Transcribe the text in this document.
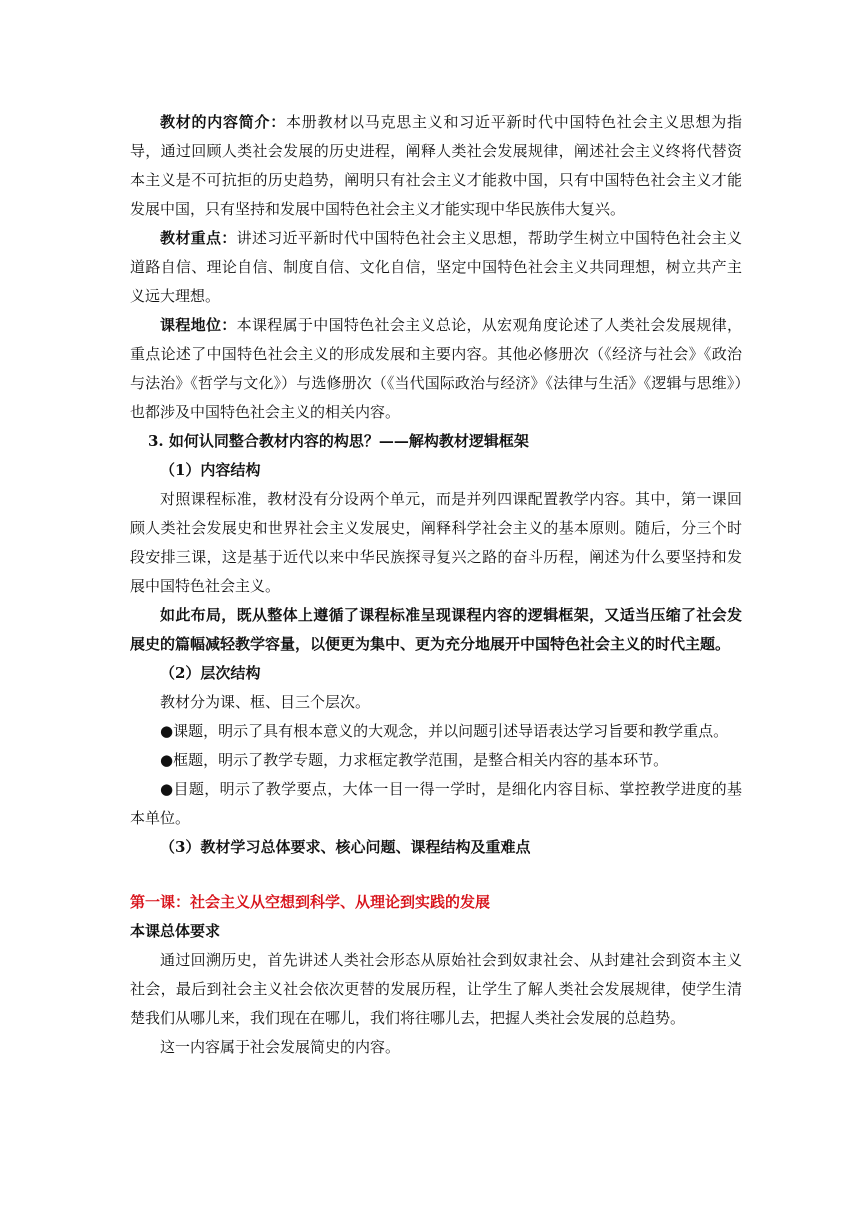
教材的内容简介：本册教材以马克思主义和习近平新时代中国特色社会主义思想为指导，通过回顾人类社会发展的历史进程，阐释人类社会发展规律，阐述社会主义终将代替资本主义是不可抗拒的历史趋势，阐明只有社会主义才能救中国，只有中国特色社会主义才能发展中国，只有坚持和发展中国特色社会主义才能实现中华民族伟大复兴。

教材重点：讲述习近平新时代中国特色社会主义思想，帮助学生树立中国特色社会主义道路自信、理论自信、制度自信、文化自信，坚定中国特色社会主义共同理想，树立共产主义远大理想。

课程地位：本课程属于中国特色社会主义总论，从宏观角度论述了人类社会发展规律，重点论述了中国特色社会主义的形成发展和主要内容。其他必修册次（《经济与社会》《政治与法治》《哲学与文化》）与选修册次（《当代国际政治与经济》《法律与生活》《逻辑与思维》）也都涉及中国特色社会主义的相关内容。

3. 如何认同整合教材内容的构思？——解构教材逻辑框架

（1）内容结构

对照课程标准，教材没有分设两个单元，而是并列四课配置教学内容。其中，第一课回顾人类社会发展史和世界社会主义发展史，阐释科学社会主义的基本原则。随后，分三个时段安排三课，这是基于近代以来中华民族探寻复兴之路的奋斗历程，阐述为什么要坚持和发展中国特色社会主义。

如此布局，既从整体上遵循了课程标准呈现课程内容的逻辑框架，又适当压缩了社会发展史的篇幅减轻教学容量，以便更为集中、更为充分地展开中国特色社会主义的时代主题。

（2）层次结构

教材分为课、框、目三个层次。

●课题，明示了具有根本意义的大观念，并以问题引述导语表达学习旨要和教学重点。

●框题，明示了教学专题，力求框定教学范围，是整合相关内容的基本环节。

●目题，明示了教学要点，大体一目一得一学时，是细化内容目标、掌控教学进度的基本单位。

（3）教材学习总体要求、核心问题、课程结构及重难点

第一课：社会主义从空想到科学、从理论到实践的发展

本课总体要求

通过回溯历史，首先讲述人类社会形态从原始社会到奴隶社会、从封建社会到资本主义社会，最后到社会主义社会依次更替的发展历程，让学生了解人类社会发展规律，使学生清楚我们从哪儿来，我们现在在哪儿，我们将往哪儿去，把握人类社会发展的总趋势。

这一内容属于社会发展简史的内容。
